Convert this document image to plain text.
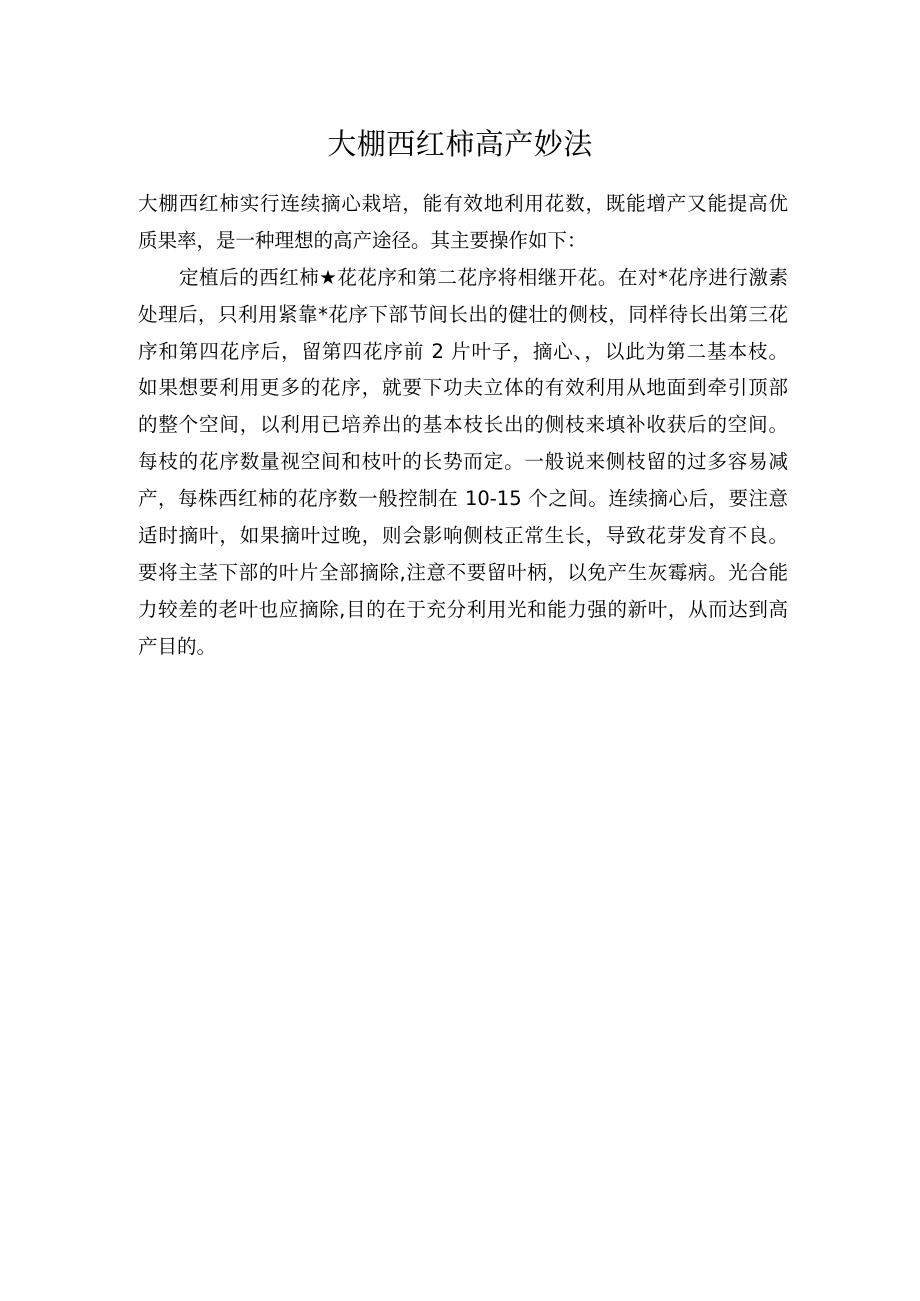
大棚西红柿高产妙法
大棚西红柿实行连续摘心栽培，能有效地利用花数，既能增产又能提高优
质果率，是一种理想的高产途径。其主要操作如下：
定植后的西红柿★花花序和第二花序将相继开花。在对*花序进行激素
处理后，只利用紧靠*花序下部节间长出的健壮的侧枝，同样待长出第三花
序和第四花序后，留第四花序前 2 片叶子，摘心、，以此为第二基本枝。
如果想要利用更多的花序，就要下功夫立体的有效利用从地面到牵引顶部
的整个空间，以利用已培养出的基本枝长出的侧枝来填补收获后的空间。
每枝的花序数量视空间和枝叶的长势而定。一般说来侧枝留的过多容易减
产，每株西红柿的花序数一般控制在 10-15 个之间。连续摘心后，要注意
适时摘叶，如果摘叶过晚，则会影响侧枝正常生长，导致花芽发育不良。
要将主茎下部的叶片全部摘除,注意不要留叶柄，以免产生灰霉病。光合能
力较差的老叶也应摘除,目的在于充分利用光和能力强的新叶，从而达到高
产目的。
